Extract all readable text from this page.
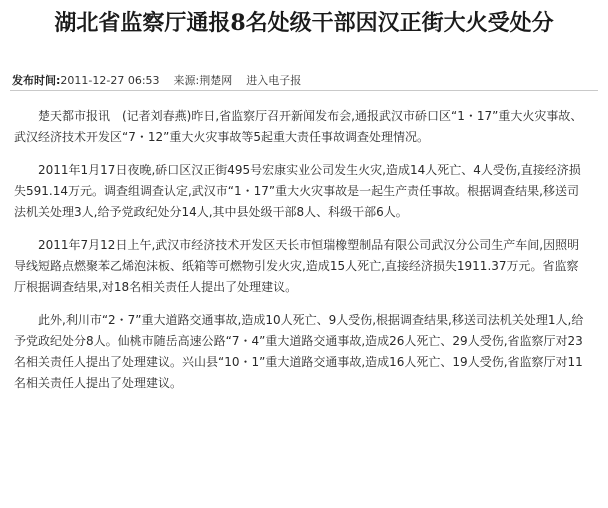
湖北省监察厅通报8名处级干部因汉正街大火受处分
发布时间:2011-12-27 06:53 来源:荆楚网 进入电子报

楚天都市报讯　(记者刘春燕)昨日,省监察厅召开新闻发布会,通报武汉市硚口区“1・17”重大火灾事故、武汉经济技术开发区“7・12”重大火灾事故等5起重大责任事故调查处理情况。

2011年1月17日夜晚,硚口区汉正街495号宏康实业公司发生火灾,造成14人死亡、4人受伤,直接经济损失591.14万元。调查组调查认定,武汉市“1・17”重大火灾事故是一起生产责任事故。根据调查结果,移送司法机关处理3人,给予党政纪处分14人,其中县处级干部8人、科级干部6人。

2011年7月12日上午,武汉市经济技术开发区天长市恒瑞橡塑制品有限公司武汉分公司生产车间,因照明导线短路点燃聚苯乙烯泡沫板、纸箱等可燃物引发火灾,造成15人死亡,直接经济损失1911.37万元。省监察厅根据调查结果,对18名相关责任人提出了处理建议。

此外,利川市“2・7”重大道路交通事故,造成10人死亡、9人受伤,根据调查结果,移送司法机关处理1人,给予党政纪处分8人。仙桃市随岳高速公路“7・4”重大道路交通事故,造成26人死亡、29人受伤,省监察厅对23名相关责任人提出了处理建议。兴山县“10・1”重大道路交通事故,造成16人死亡、19人受伤,省监察厅对11名相关责任人提出了处理建议。
